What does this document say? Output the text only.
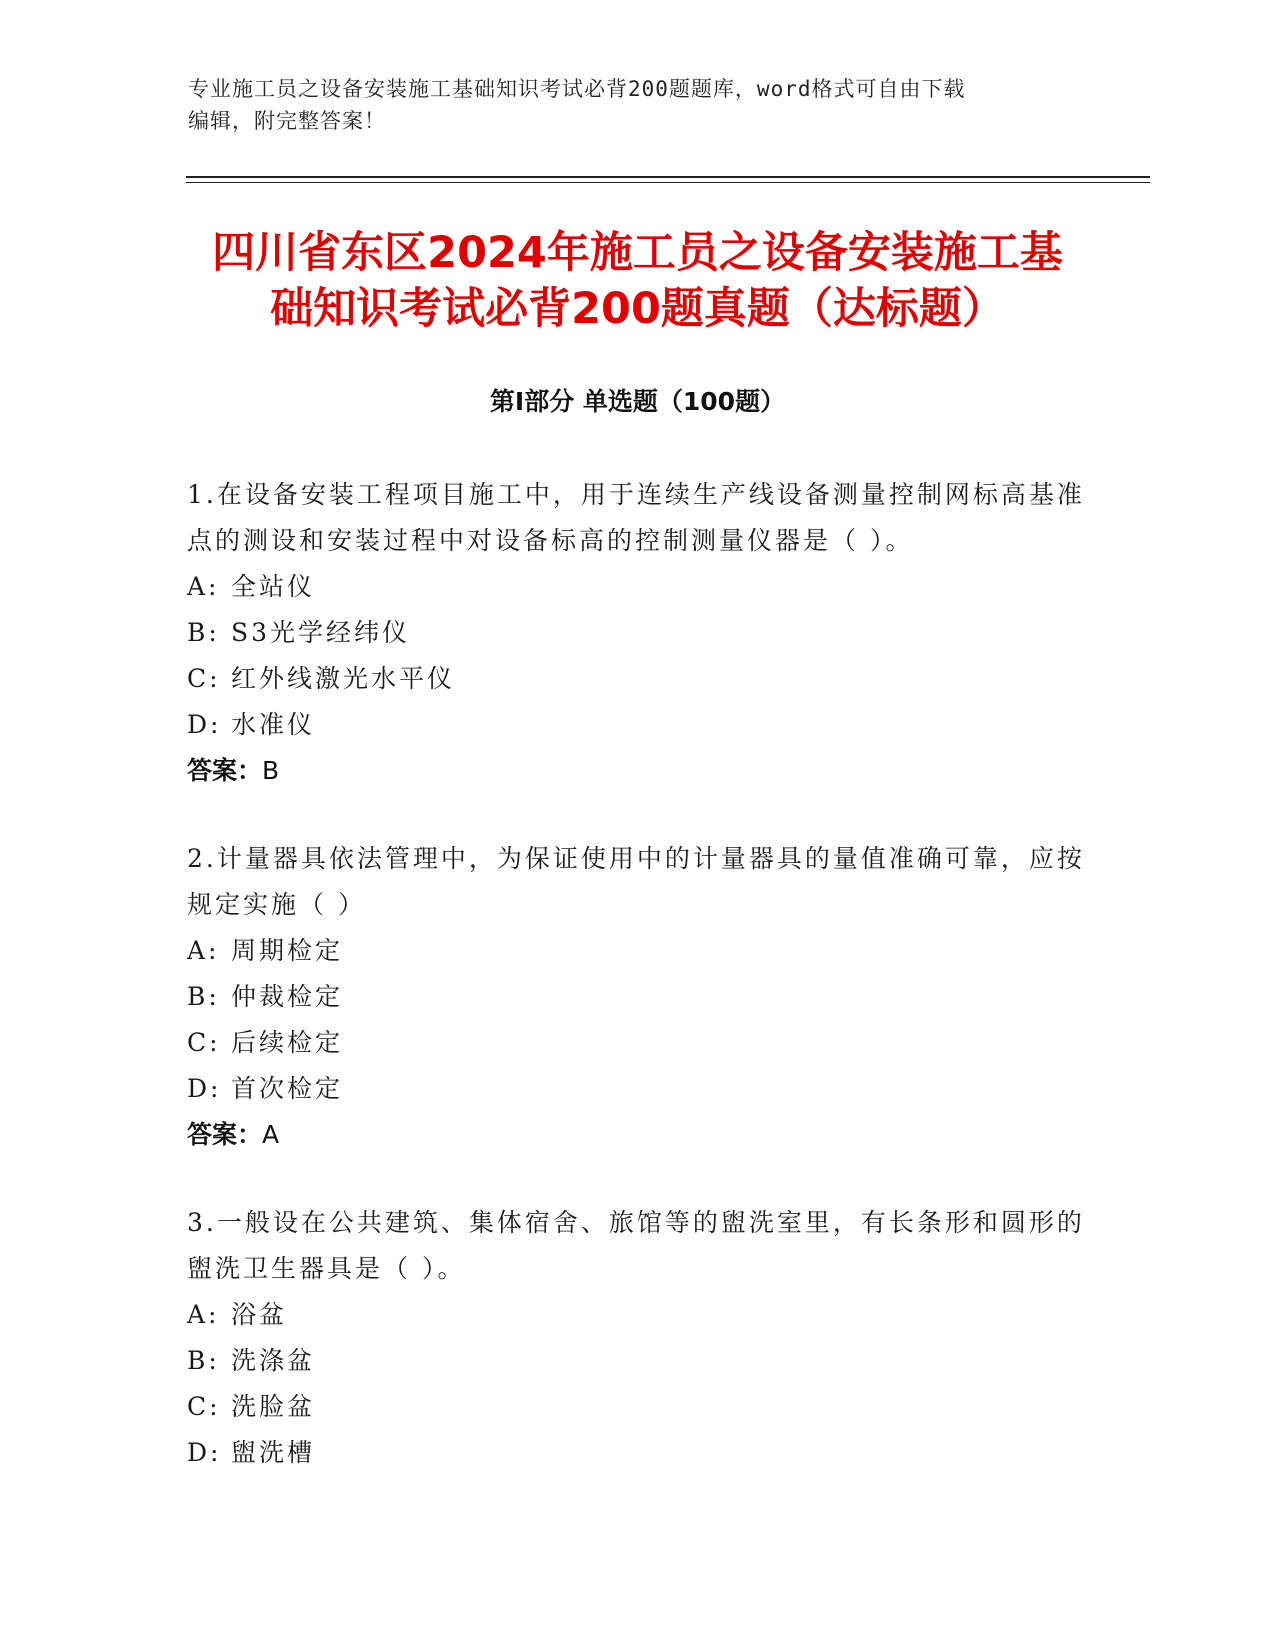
专业施工员之设备安装施工基础知识考试必背200题题库，word格式可自由下载
编辑，附完整答案！
四川省东区2024年施工员之设备安装施工基
础知识考试必背200题真题（达标题）
第Ⅰ部分 单选题（100题）

1.在设备安装工程项目施工中，用于连续生产线设备测量控制网标高基准点的测设和安装过程中对设备标高的控制测量仪器是（ ）。

A: 全站仪
B: S3光学经纬仪
C: 红外线激光水平仪
D: 水准仪
答案：B

2.计量器具依法管理中，为保证使用中的计量器具的量值准确可靠，应按规定实施（ ）

A: 周期检定
B: 仲裁检定
C: 后续检定
D: 首次检定
答案：A

3.一般设在公共建筑、集体宿舍、旅馆等的盥洗室里，有长条形和圆形的盥洗卫生器具是（ ）。

A: 浴盆
B: 洗涤盆
C: 洗脸盆
D: 盥洗槽
